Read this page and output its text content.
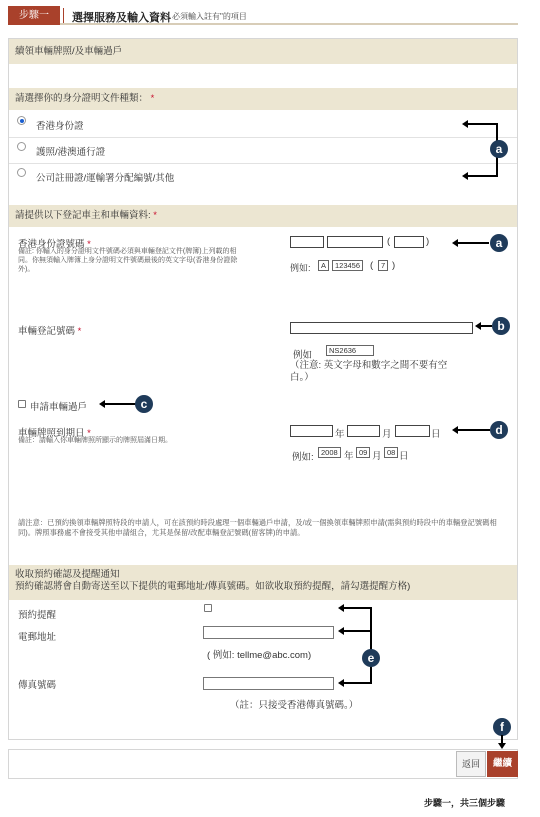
步驟一	選擇服務及輸入資料 必須輸入註有"的項目
續領車輛牌照/及車輛過戶
請選擇你的身分證明文件種類： *
香港身份證
護照/港澳通行證
公司註冊證/運輸署分配編號/其他
a
請提供以下登記車主和車輛資料: *
香港身份證號碼 *
備註: 你輸入的身分證明文件號碼必須與車輛登記文件(牌簿)上列載的相同。你無須輸入牌簿上身分證明文件號碼最後的英文字母(香港身份證除外)。
(	)
例如:	A	123456	(	7 )
a
車輛登記號碼 *
例如	NS2636
（注意: 英文字母和數字之間不要有空白。）
b
申請車輛過戶	c
車輛牌照到期日 *
備註：請輸入你車輛牌照所顯示的牌照屆滿日期。
年	月	日
例如: 2008 年 09 月 08 日
d
請注意：已預約換領車輛牌照特段的申請人，可在該預約時段處理一個車輛過戶申請，及/或一個換領車輛牌照申請(需與預約時段中的車輛登記號碼相同)。牌照事務處不會接受其他申請組合，尤其是保留/改配車輛登記號碼(留客牌)的申請。
收取預約確認及提醒通知
預約確認將會自動寄送至以下提供的電郵地址/傳真號碼。如欲收取預約提醒，請勾選提醒方格)
預約提醒
電郵地址
( 例如: tellme@abc.com)
傳真號碼
（註：只接受香港傳真號碼。）
e
f
返回	繼續
步驟一，共三個步驟
